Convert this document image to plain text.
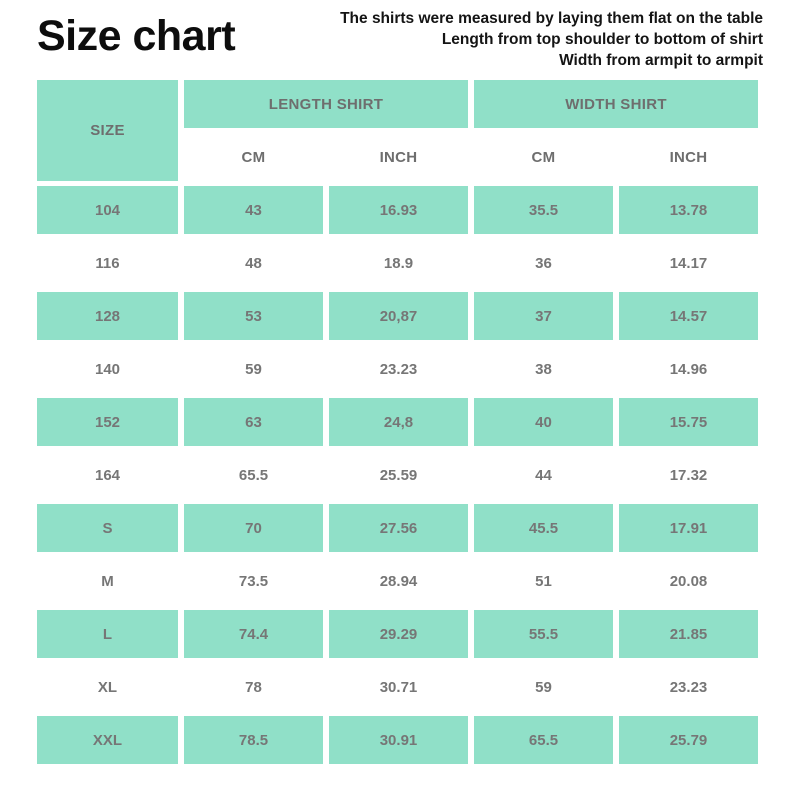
Size chart	The shirts were measured by laying them flat on the table
Length from top shoulder to bottom of shirt
Width from armpit to armpit
SIZE	LENGTH SHIRT		WIDTH SHIRT	
	CM	INCH	CM	INCH
104	43	16.93	35.5	13.78
116	48	18.9	36	14.17
128	53	20,87	37	14.57
140	59	23.23	38	14.96
152	63	24,8	40	15.75
164	65.5	25.59	44	17.32
S	70	27.56	45.5	17.91
M	73.5	28.94	51	20.08
L	74.4	29.29	55.5	21.85
XL	78	30.71	59	23.23
XXL	78.5	30.91	65.5	25.79
